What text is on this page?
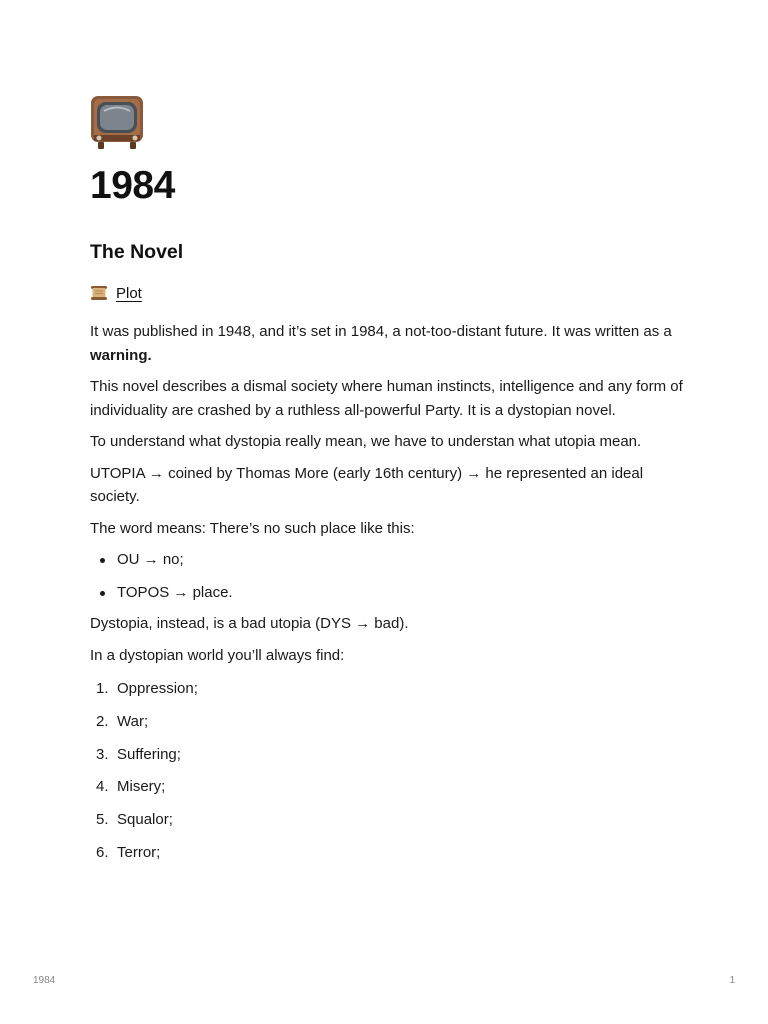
1984
The Novel
Plot

It was published in 1948, and it’s set in 1984, a not-too-distant future. It was written as a warning.

This novel describes a dismal society where human instincts, intelligence and any form of individuality are crashed by a ruthless all-powerful Party. It is a dystopian novel.

To understand what dystopia really mean, we have to understan what utopia mean.

UTOPIA → coined by Thomas More (early 16th century) → he represented an ideal society.

The word means: There’s no such place like this:

OU → no;
TOPOS → place.

Dystopia, instead, is a bad utopia (DYS → bad).

In a dystopian world you’ll always find:

1. Oppression;
2. War;
3. Suffering;
4. Misery;
5. Squalor;
6. Terror;
1984	1
